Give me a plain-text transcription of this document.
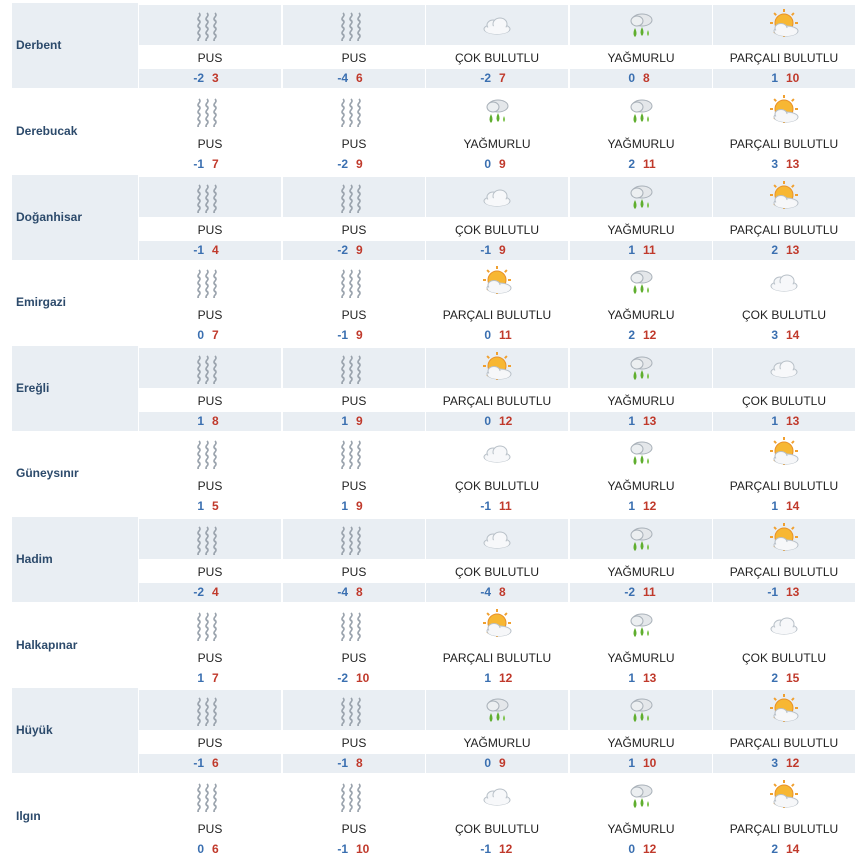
Derbent
PUS
-2 3
PUS
-4 6
ÇOK BULUTLU
-2 7
YAĞMURLU
0 8
PARÇALI BULUTLU
1 10
Derebucak
PUS
-1 7
PUS
-2 9
YAĞMURLU
0 9
YAĞMURLU
2 11
PARÇALI BULUTLU
3 13
Doğanhisar
PUS
-1 4
PUS
-2 9
ÇOK BULUTLU
-1 9
YAĞMURLU
1 11
PARÇALI BULUTLU
2 13
Emirgazi
PUS
0 7
PUS
-1 9
PARÇALI BULUTLU
0 11
YAĞMURLU
2 12
ÇOK BULUTLU
3 14
Ereğli
PUS
1 8
PUS
1 9
PARÇALI BULUTLU
0 12
YAĞMURLU
1 13
ÇOK BULUTLU
1 13
Güneysınır
PUS
1 5
PUS
1 9
ÇOK BULUTLU
-1 11
YAĞMURLU
1 12
PARÇALI BULUTLU
1 14
Hadim
PUS
-2 4
PUS
-4 8
ÇOK BULUTLU
-4 8
YAĞMURLU
-2 11
PARÇALI BULUTLU
-1 13
Halkapınar
PUS
1 7
PUS
-2 10
PARÇALI BULUTLU
1 12
YAĞMURLU
1 13
ÇOK BULUTLU
2 15
Hüyük
PUS
-1 6
PUS
-1 8
YAĞMURLU
0 9
YAĞMURLU
1 10
PARÇALI BULUTLU
3 12
Ilgın
PUS
0 6
PUS
-1 10
ÇOK BULUTLU
-1 12
YAĞMURLU
0 12
PARÇALI BULUTLU
2 14
